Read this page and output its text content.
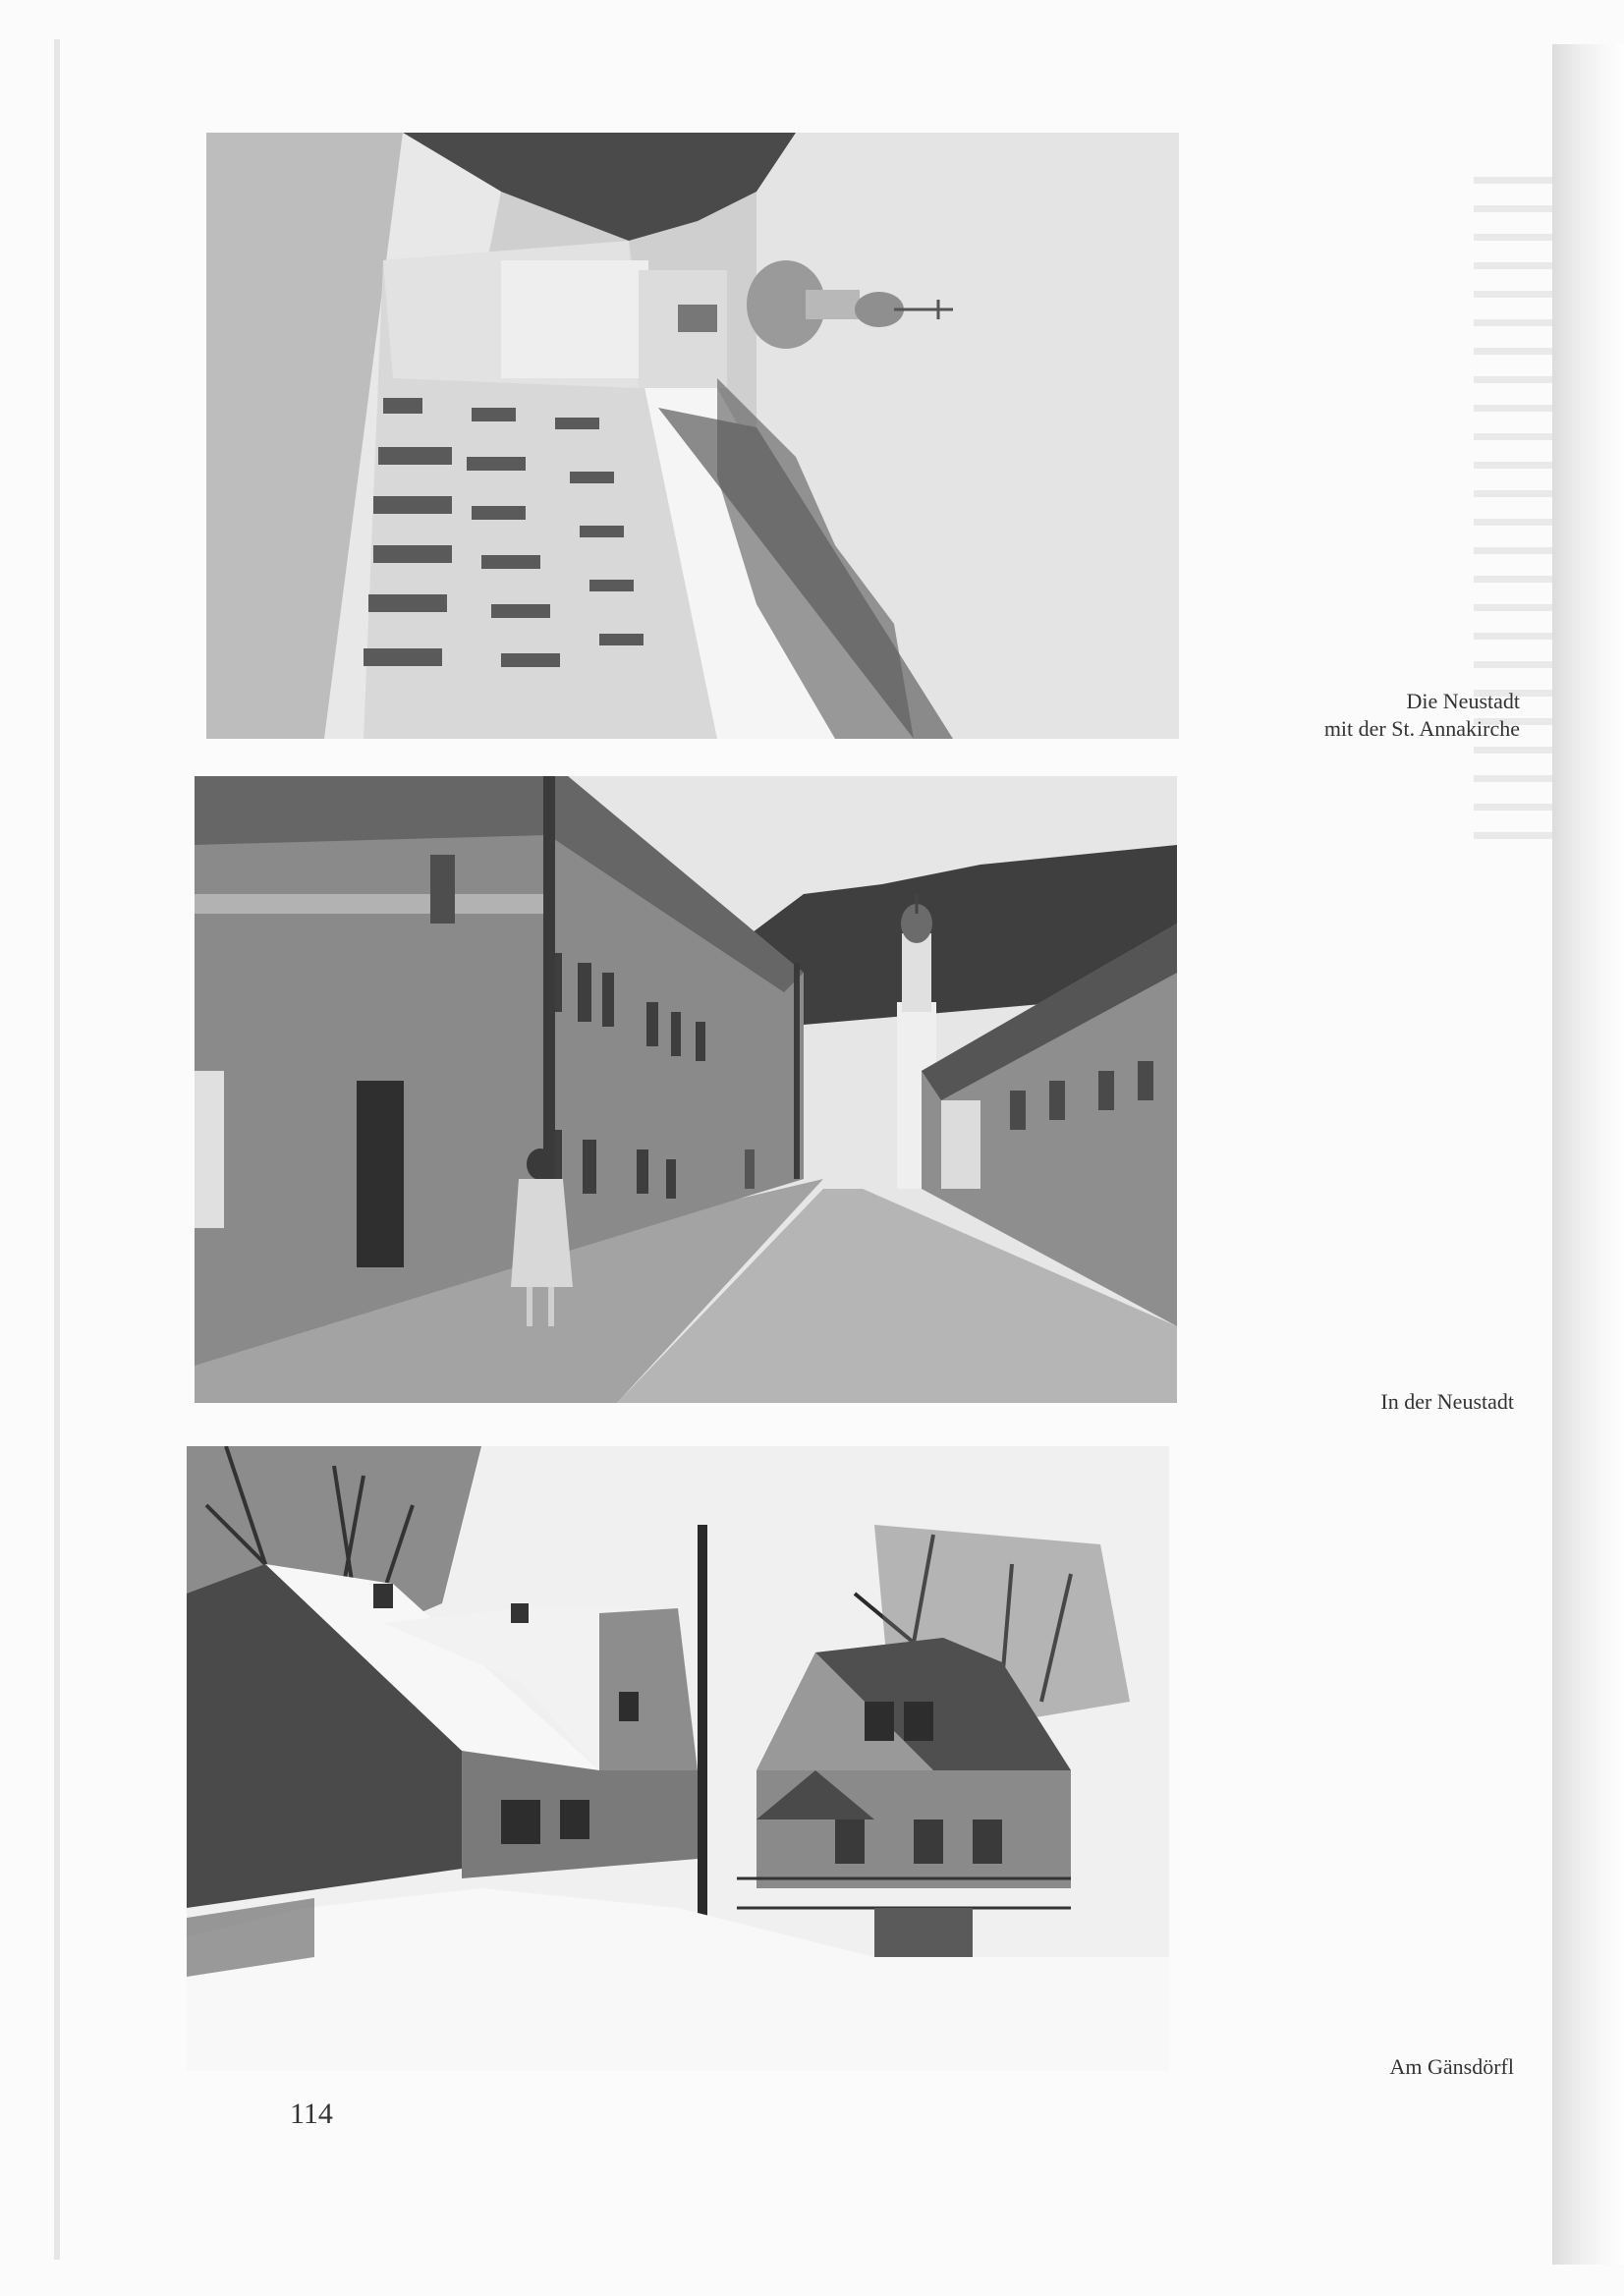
Die Neustadt
mit der St. Annakirche
In der Neustadt
Am Gänsdörfl
114
